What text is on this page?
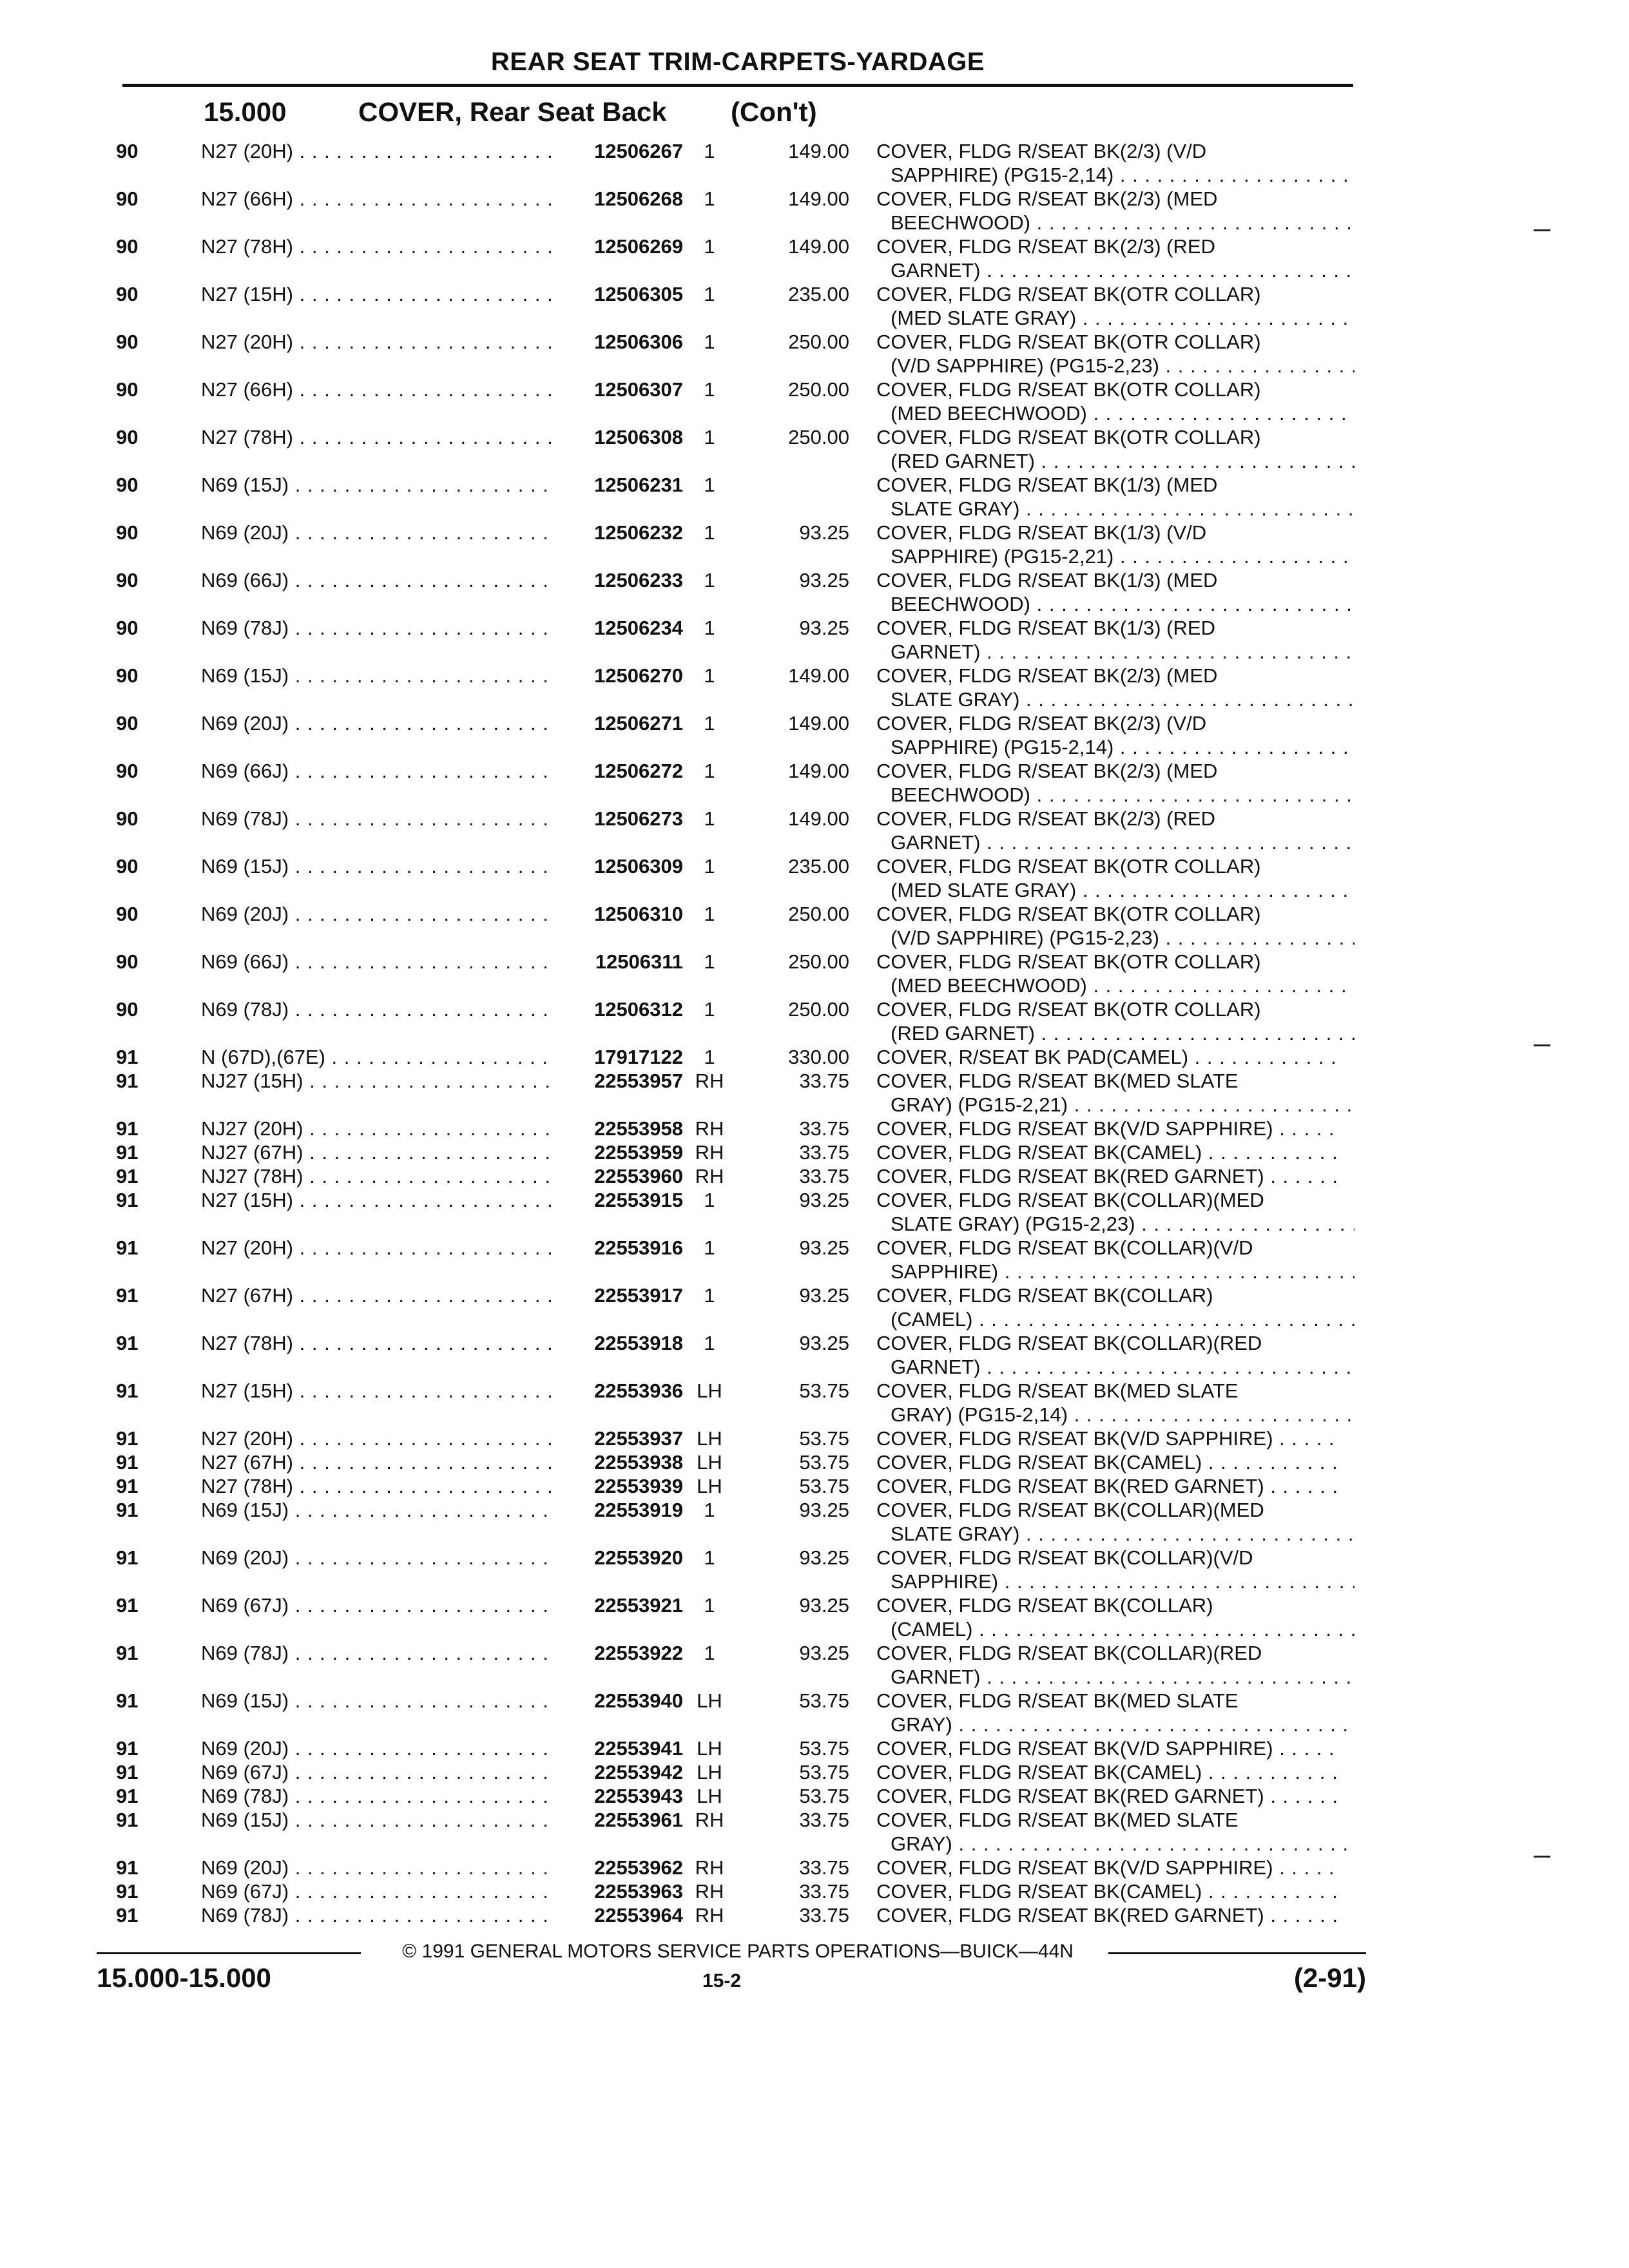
REAR SEAT TRIM-CARPETS-YARDAGE
15.000	COVER, Rear Seat Back (Con't)
90	N27 (20H) . . .	12506267	1	149.00 COVER, FLDG R/SEAT BK(2/3) (V/D
SAPPHIRE) (PG15-2,14) . . .
90	N27 (66H) . . .	12506268	1	149.00 COVER, FLDG R/SEAT BK(2/3) (MED
BEECHWOOD) . . .
90	N27 (78H) . . .	12506269	1	149.00 COVER, FLDG R/SEAT BK(2/3) (RED
GARNET) . . .
90	N27 (15H) . . .	12506305	1	235.00 COVER, FLDG R/SEAT BK(OTR COLLAR)
(MED SLATE GRAY) . . .
90	N27 (20H) . . .	12506306	1	250.00 COVER, FLDG R/SEAT BK(OTR COLLAR)
(V/D SAPPHIRE) (PG15-2,23) . . .
90	N27 (66H) . . .	12506307	1	250.00 COVER, FLDG R/SEAT BK(OTR COLLAR)
(MED BEECHWOOD) . . .
90	N27 (78H) . . .	12506308	1	250.00 COVER, FLDG R/SEAT BK(OTR COLLAR)
(RED GARNET) . . .
90	N69 (15J) . . .	12506231	1	COVER, FLDG R/SEAT BK(1/3) (MED
SLATE GRAY) . . .
90	N69 (20J) . . .	12506232	1	93.25 COVER, FLDG R/SEAT BK(1/3) (V/D
SAPPHIRE) (PG15-2,21) . . .
90	N69 (66J) . . .	12506233	1	93.25 COVER, FLDG R/SEAT BK(1/3) (MED
BEECHWOOD) . . .
90	N69 (78J) . . .	12506234	1	93.25 COVER, FLDG R/SEAT BK(1/3) (RED
GARNET) . . .
90	N69 (15J) . . .	12506270	1	149.00 COVER, FLDG R/SEAT BK(2/3) (MED
SLATE GRAY) . . .
90	N69 (20J) . . .	12506271	1	149.00 COVER, FLDG R/SEAT BK(2/3) (V/D
SAPPHIRE) (PG15-2,14) . . .
90	N69 (66J) . . .	12506272	1	149.00 COVER, FLDG R/SEAT BK(2/3) (MED
BEECHWOOD) . . .
90	N69 (78J) . . .	12506273	1	149.00 COVER, FLDG R/SEAT BK(2/3) (RED
GARNET) . . .
90	N69 (15J) . . .	12506309	1	235.00 COVER, FLDG R/SEAT BK(OTR COLLAR)
(MED SLATE GRAY) . . .
90	N69 (20J) . . .	12506310	1	250.00 COVER, FLDG R/SEAT BK(OTR COLLAR)
(V/D SAPPHIRE) (PG15-2,23) . . .
90	N69 (66J) . . .	12506311	1	250.00 COVER, FLDG R/SEAT BK(OTR COLLAR)
(MED BEECHWOOD) . . .
90	N69 (78J) . . .	12506312	1	250.00 COVER, FLDG R/SEAT BK(OTR COLLAR)
(RED GARNET) . . .
91	N (67D),(67E) . . .	17917122	1	330.00 COVER, R/SEAT BK PAD(CAMEL) . . .
91	NJ27 (15H) . . .	22553957 RH	33.75 COVER, FLDG R/SEAT BK(MED SLATE
GRAY) (PG15-2,21) . . .
91	NJ27 (20H) . . .	22553958 RH	33.75 COVER, FLDG R/SEAT BK(V/D SAPPHIRE) . . .
91	NJ27 (67H) . . .	22553959 RH	33.75 COVER, FLDG R/SEAT BK(CAMEL) . . .
91	NJ27 (78H) . . .	22553960 RH	33.75 COVER, FLDG R/SEAT BK(RED GARNET) . . .
91	N27 (15H) . . .	22553915	1	93.25 COVER, FLDG R/SEAT BK(COLLAR)(MED
SLATE GRAY) (PG15-2,23) . . .
91	N27 (20H) . . .	22553916	1	93.25 COVER, FLDG R/SEAT BK(COLLAR)(V/D
SAPPHIRE) . . .
91	N27 (67H) . . .	22553917	1	93.25 COVER, FLDG R/SEAT BK(COLLAR)
(CAMEL) . . .
91	N27 (78H) . . .	22553918	1	93.25 COVER, FLDG R/SEAT BK(COLLAR)(RED
GARNET) . . .
91	N27 (15H) . . .	22553936 LH	53.75 COVER, FLDG R/SEAT BK(MED SLATE
GRAY) (PG15-2,14) . . .
91	N27 (20H) . . .	22553937 LH	53.75 COVER, FLDG R/SEAT BK(V/D SAPPHIRE) . . .
91	N27 (67H) . . .	22553938 LH	53.75 COVER, FLDG R/SEAT BK(CAMEL) . . .
91	N27 (78H) . . .	22553939 LH	53.75 COVER, FLDG R/SEAT BK(RED GARNET) . . .
91	N69 (15J) . . .	22553919	1	93.25 COVER, FLDG R/SEAT BK(COLLAR)(MED
SLATE GRAY) . . .
91	N69 (20J) . . .	22553920	1	93.25 COVER, FLDG R/SEAT BK(COLLAR)(V/D
SAPPHIRE) . . .
91	N69 (67J) . . .	22553921	1	93.25 COVER, FLDG R/SEAT BK(COLLAR)
(CAMEL) . . .
91	N69 (78J) . . .	22553922	1	93.25 COVER, FLDG R/SEAT BK(COLLAR)(RED
GARNET) . . .
91	N69 (15J) . . .	22553940 LH	53.75 COVER, FLDG R/SEAT BK(MED SLATE
GRAY) . . .
91	N69 (20J) . . .	22553941 LH	53.75 COVER, FLDG R/SEAT BK(V/D SAPPHIRE) . . .
91	N69 (67J) . . .	22553942 LH	53.75 COVER, FLDG R/SEAT BK(CAMEL) . . .
91	N69 (78J) . . .	22553943 LH	53.75 COVER, FLDG R/SEAT BK(RED GARNET) . . .
91	N69 (15J) . . .	22553961 RH	33.75 COVER, FLDG R/SEAT BK(MED SLATE
GRAY) . . .
91	N69 (20J) . . .	22553962 RH	33.75 COVER, FLDG R/SEAT BK(V/D SAPPHIRE) . . .
91	N69 (67J) . . .	22553963 RH	33.75 COVER, FLDG R/SEAT BK(CAMEL) . . .
91	N69 (78J) . . .	22553964 RH	33.75 COVER, FLDG R/SEAT BK(RED GARNET) . . .
© 1991 GENERAL MOTORS SERVICE PARTS OPERATIONS—BUICK—44N
15.000-15.000	15-2	(2-91)
